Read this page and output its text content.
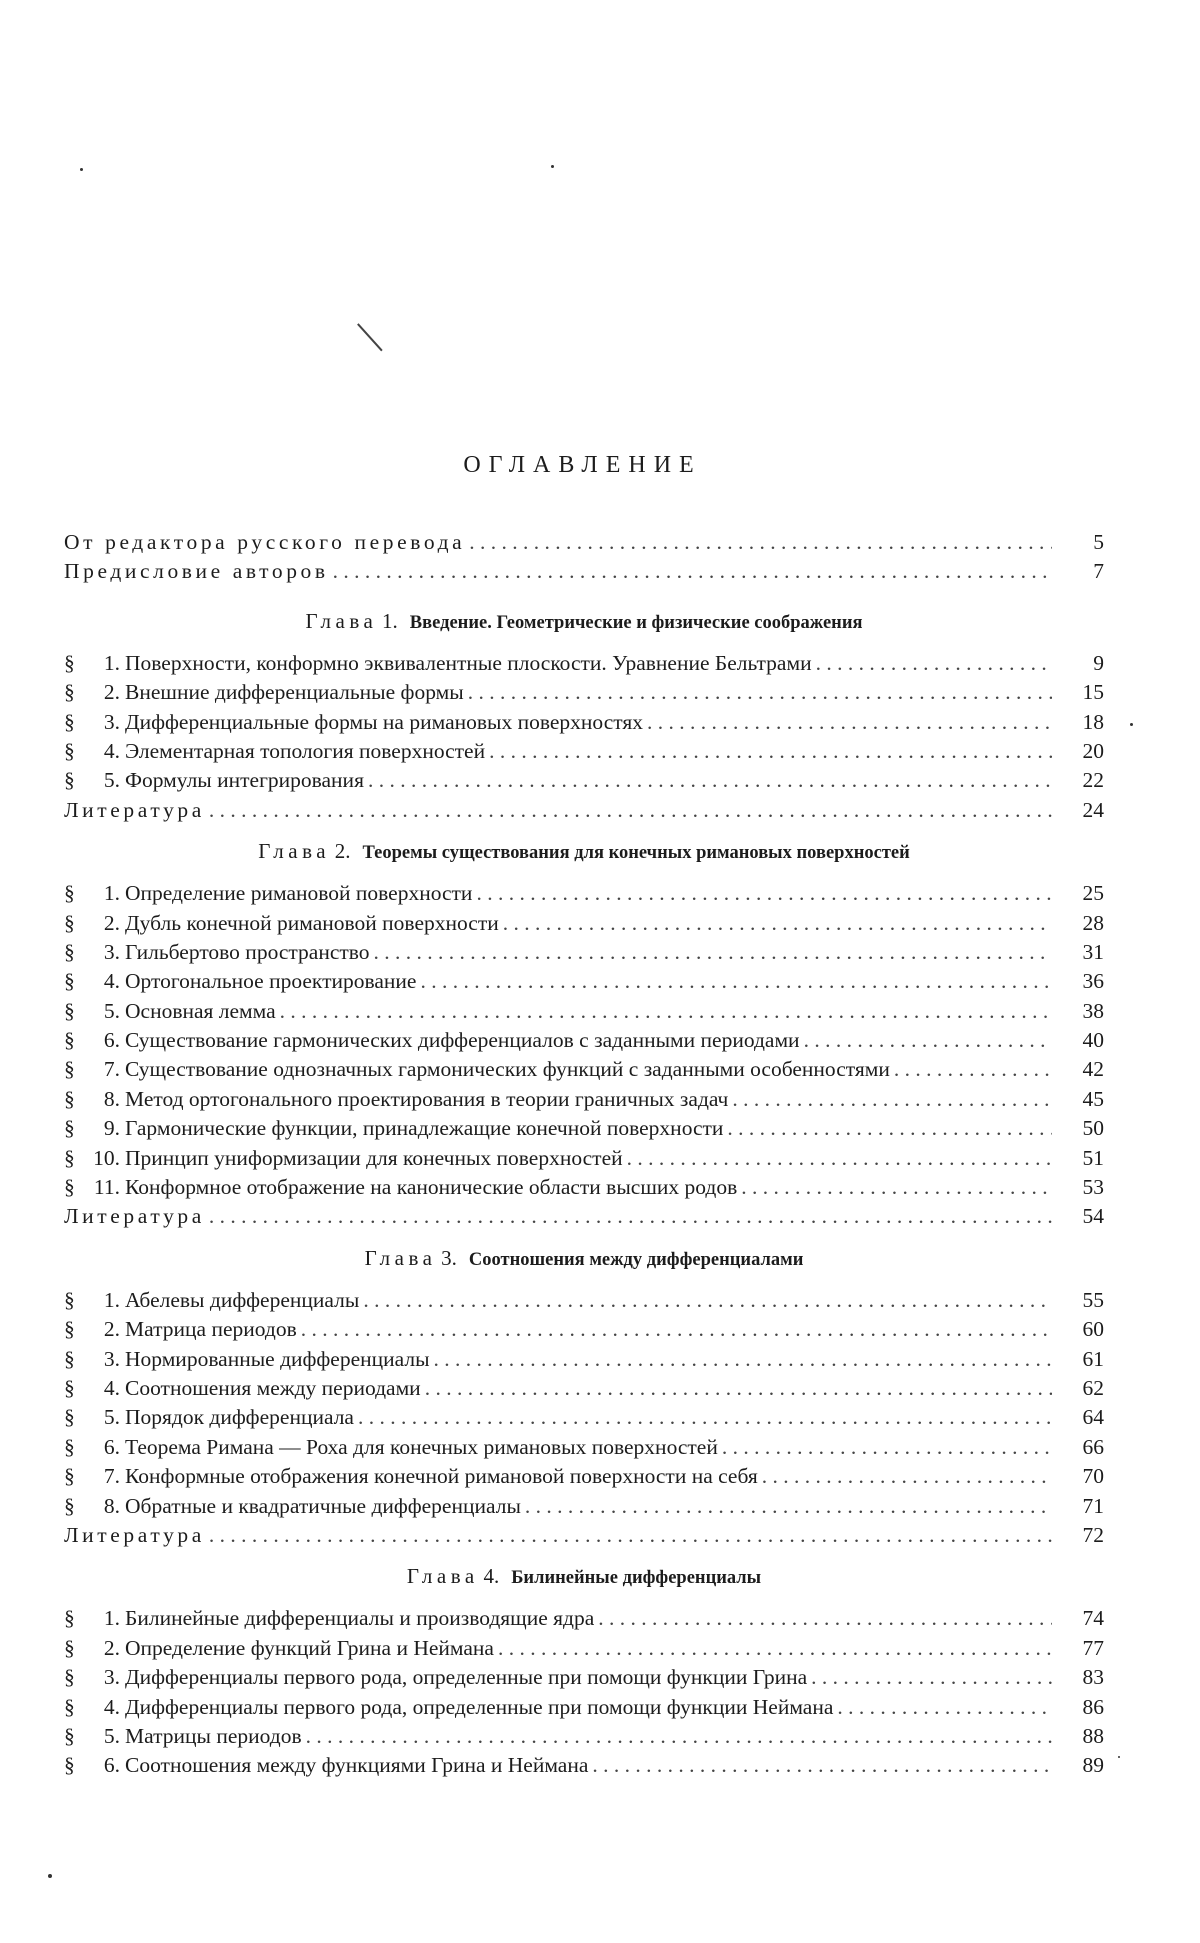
ОГЛАВЛЕНИЕ
От редактора русского перевода . . .	5
Предисловие авторов . . .	7
Глава 1. Введение. Геометрические и физические соображения
§	1. Поверхности, конформно эквивалентные плоскости. Уравнение Бельтрами . . .	9
§	2. Внешние дифференциальные формы . . .	15
§	3. Дифференциальные формы на римановых поверхностях . . .	18
§	4. Элементарная топология поверхностей . . .	20
§	5. Формулы интегрирования . . .	22
Литература . . .	24
Глава 2. Теоремы существования для конечных римановых поверхностей
§	1. Определение римановой поверхности . . .	25
§	2. Дубль конечной римановой поверхности . . .	28
§	3. Гильбертово пространство . . .	31
§	4. Ортогональное проектирование . . .	36
§	5. Основная лемма . . .	38
§	6. Существование гармонических дифференциалов с заданными периодами . . .	40
§	7. Существование однозначных гармонических функций с заданными особенностями . . .	42
§	8. Метод ортогонального проектирования в теории граничных задач . . .	45
§	9. Гармонические функции, принадлежащие конечной поверхности . . .	50
§ 10. Принцип униформизации для конечных поверхностей . . .	51
§ 11. Конформное отображение на канонические области высших родов . . .	53
Литература . . .	54
Глава 3. Соотношения между дифференциалами
§	1. Абелевы дифференциалы . . .	55
§	2. Матрица периодов . . .	60
§	3. Нормированные дифференциалы . . .	61
§	4. Соотношения между периодами . . .	62
§	5. Порядок дифференциала . . .	64
§	6. Теорема Римана — Роха для конечных римановых поверхностей . . .	66
§	7. Конформные отображения конечной римановой поверхности на себя . . .	70
§	8. Обратные и квадратичные дифференциалы . . .	71
Литература . . .	72
Глава 4. Билинейные дифференциалы
§	1. Билинейные дифференциалы и производящие ядра . . .	74
§	2. Определение функций Грина и Неймана . . .	77
§	3. Дифференциалы первого рода, определенные при помощи функции Грина . . .	83
§	4. Дифференциалы первого рода, определенные при помощи функции Неймана . . .	86
§	5. Матрицы периодов . . .	88
§	6. Соотношения между функциями Грина и Неймана . . .	89
